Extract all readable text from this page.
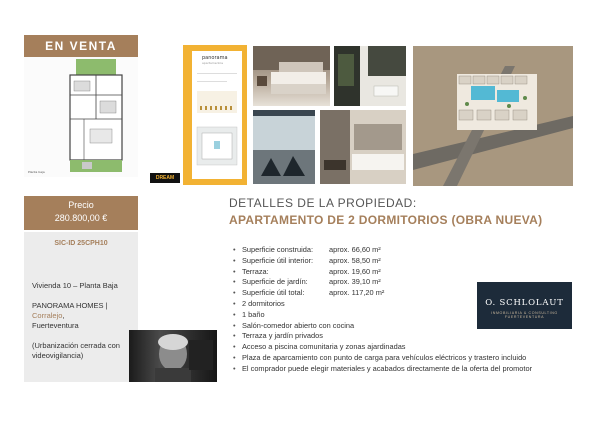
EN VENTA
Planta baja
Precio
280.800,00 €
SIC-ID 25CPH10
Vivienda 10 – Planta Baja
PANORAMA HOMES | Corralejo,
Fuerteventura
(Urbanización cerrada con videovigilancia)
panorama
apartamentos
DREAM
DETALLES DE LA PROPIEDAD:
APARTAMENTO DE 2 DORMITORIOS (OBRA NUEVA)
• Superficie construida: aprox. 66,60 m²
• Superficie útil interior: aprox. 58,50 m²
• Terraza:	aprox. 19,60 m²
• Superficie de jardín:	aprox. 39,10 m²
• Superficie útil total:	aprox. 117,20 m²
• 2 dormitorios
• 1 baño
• Salón-comedor abierto con cocina
• Terraza y jardín privados
• Acceso a piscina comunitaria y zonas ajardinadas
• Plaza de aparcamiento con punto de carga para vehículos eléctricos y trastero incluido
• El comprador puede elegir materiales y acabados directamente de la oferta del promotor
O. SCHLOLAUT
INMOBILIARIA & CONSULTING FUERTEVENTURA
